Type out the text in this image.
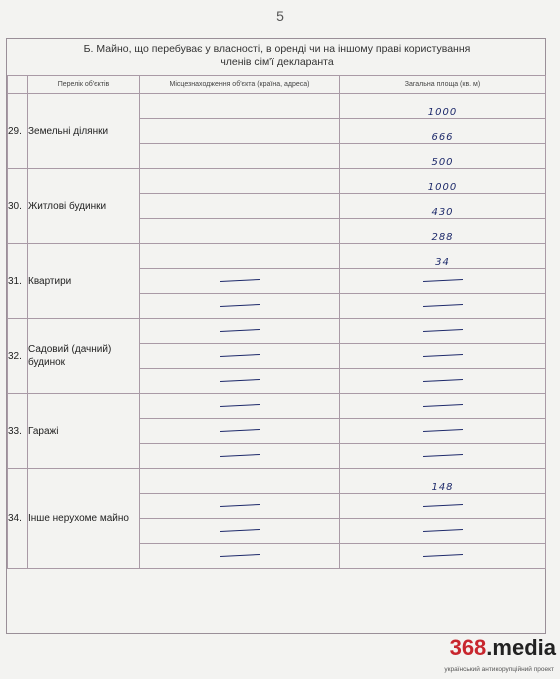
5
Б. Майно, що перебуває у власності, в оренді чи на іншому праві користування
членів сім'ї декларанта
	Перелік об'єктів	Місцезнаходження об'єкта (країна, адреса)	Загальна площа (кв. м)
29.	Земельні ділянки		1000
			666
			500
30.	Житлові будинки		1000
			430
			288
31.	Квартири		34

32.	Садовий (дачний) будинок		

33.	Гаражі		

34.	Інше нерухоме майно		148

368.media
український антикорупційний проект
